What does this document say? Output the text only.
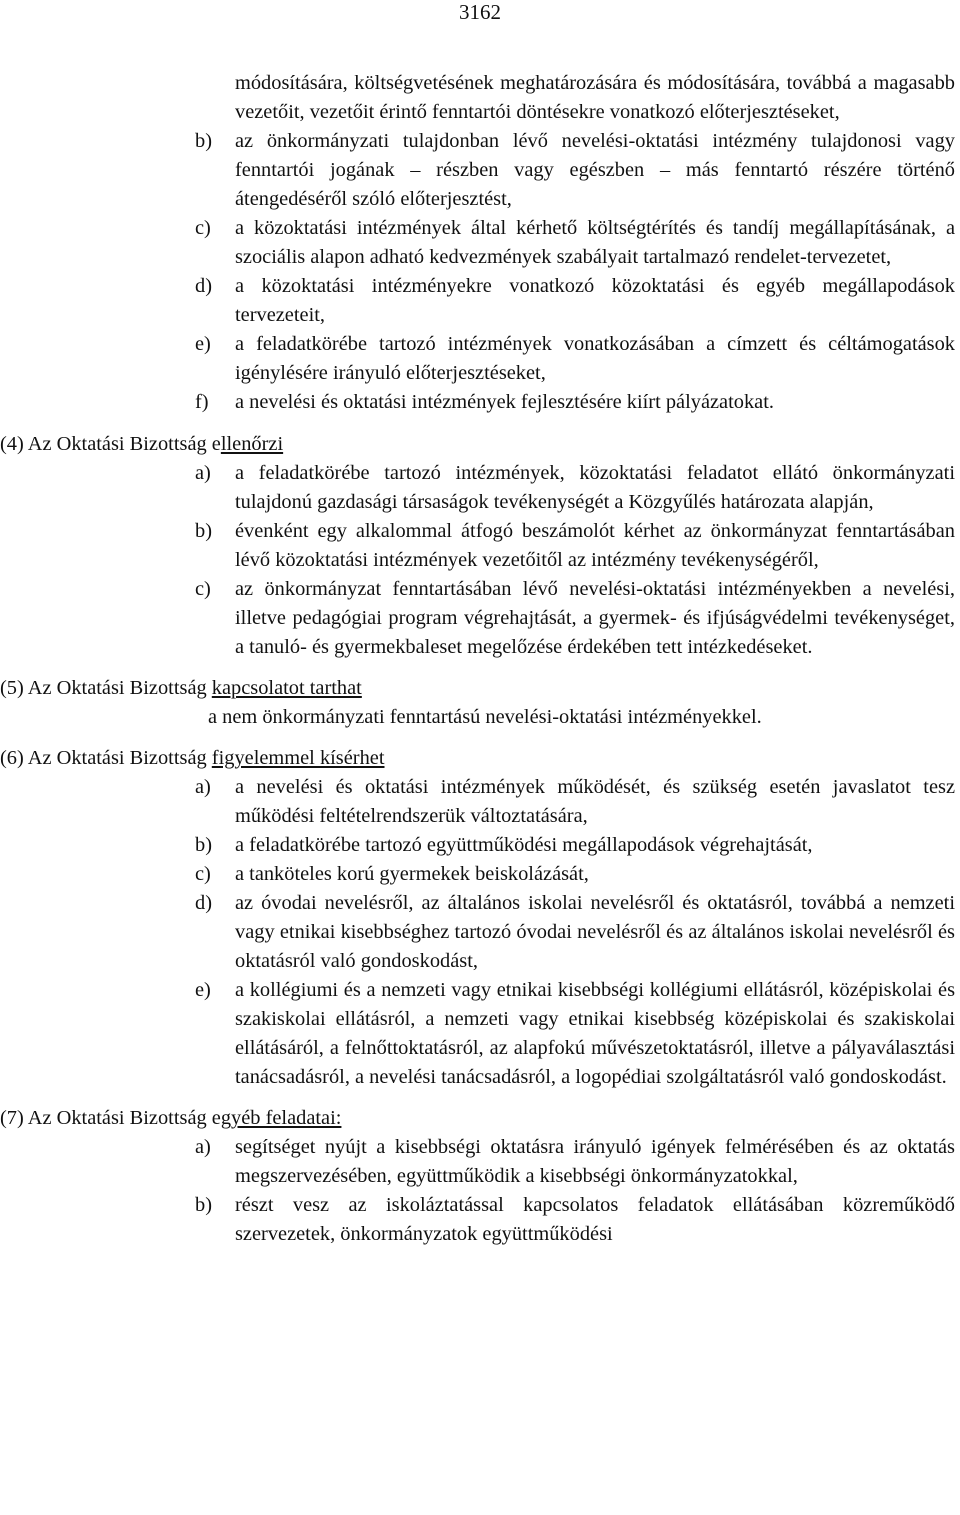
3162
módosítására, költségvetésének meghatározására és módosítására, továbbá a magasabb vezetőit, vezetőit érintő fenntartói döntésekre vonatkozó előterjesztéseket,
b) az önkormányzati tulajdonban lévő nevelési-oktatási intézmény tulajdonosi vagy fenntartói jogának – részben vagy egészben – más fenntartó részére történő átengedéséről szóló előterjesztést,
c) a közoktatási intézmények által kérhető költségtérítés és tandíj megállapításának, a szociális alapon adható kedvezmények szabályait tartalmazó rendelet-tervezetet,
d) a közoktatási intézményekre vonatkozó közoktatási és egyéb megállapodások tervezeteit,
e) a feladatkörébe tartozó intézmények vonatkozásában a címzett és céltámogatások igénylésére irányuló előterjesztéseket,
f) a nevelési és oktatási intézmények fejlesztésére kiírt pályázatokat.
(4) Az Oktatási Bizottság ellenőrzi
a) a feladatkörébe tartozó intézmények, közoktatási feladatot ellátó önkormányzati tulajdonú gazdasági társaságok tevékenységét a Közgyűlés határozata alapján,
b) évenként egy alkalommal átfogó beszámolót kérhet az önkormányzat fenntartásában lévő közoktatási intézmények vezetőitől az intézmény tevékenységéről,
c) az önkormányzat fenntartásában lévő nevelési-oktatási intézményekben a nevelési, illetve pedagógiai program végrehajtását, a gyermek- és ifjúságvédelmi tevékenységet, a tanuló- és gyermekbaleset megelőzése érdekében tett intézkedéseket.
(5) Az Oktatási Bizottság kapcsolatot tarthat
a nem önkormányzati fenntartású nevelési-oktatási intézményekkel.
(6) Az Oktatási Bizottság figyelemmel kísérhet
a) a nevelési és oktatási intézmények működését, és szükség esetén javaslatot tesz működési feltételrendszerük változtatására,
b) a feladatkörébe tartozó együttműködési megállapodások végrehajtását,
c) a tanköteles korú gyermekek beiskolázását,
d) az óvodai nevelésről, az általános iskolai nevelésről és oktatásról, továbbá a nemzeti vagy etnikai kisebbséghez tartozó óvodai nevelésről és az általános iskolai nevelésről és oktatásról való gondoskodást,
e) a kollégiumi és a nemzeti vagy etnikai kisebbségi kollégiumi ellátásról, középiskolai és szakiskolai ellátásról, a nemzeti vagy etnikai kisebbség középiskolai és szakiskolai ellátásáról, a felnőttoktatásról, az alapfokú művészetoktatásról, illetve a pályaválasztási tanácsadásról, a nevelési tanácsadásról, a logopédiai szolgáltatásról való gondoskodást.
(7) Az Oktatási Bizottság egyéb feladatai:
a) segítséget nyújt a kisebbségi oktatásra irányuló igények felmérésében és az oktatás megszervezésében, együttműködik a kisebbségi önkormányzatokkal,
b) részt vesz az iskoláztatással kapcsolatos feladatok ellátásában közreműködő szervezetek, önkormányzatok együttműködési
